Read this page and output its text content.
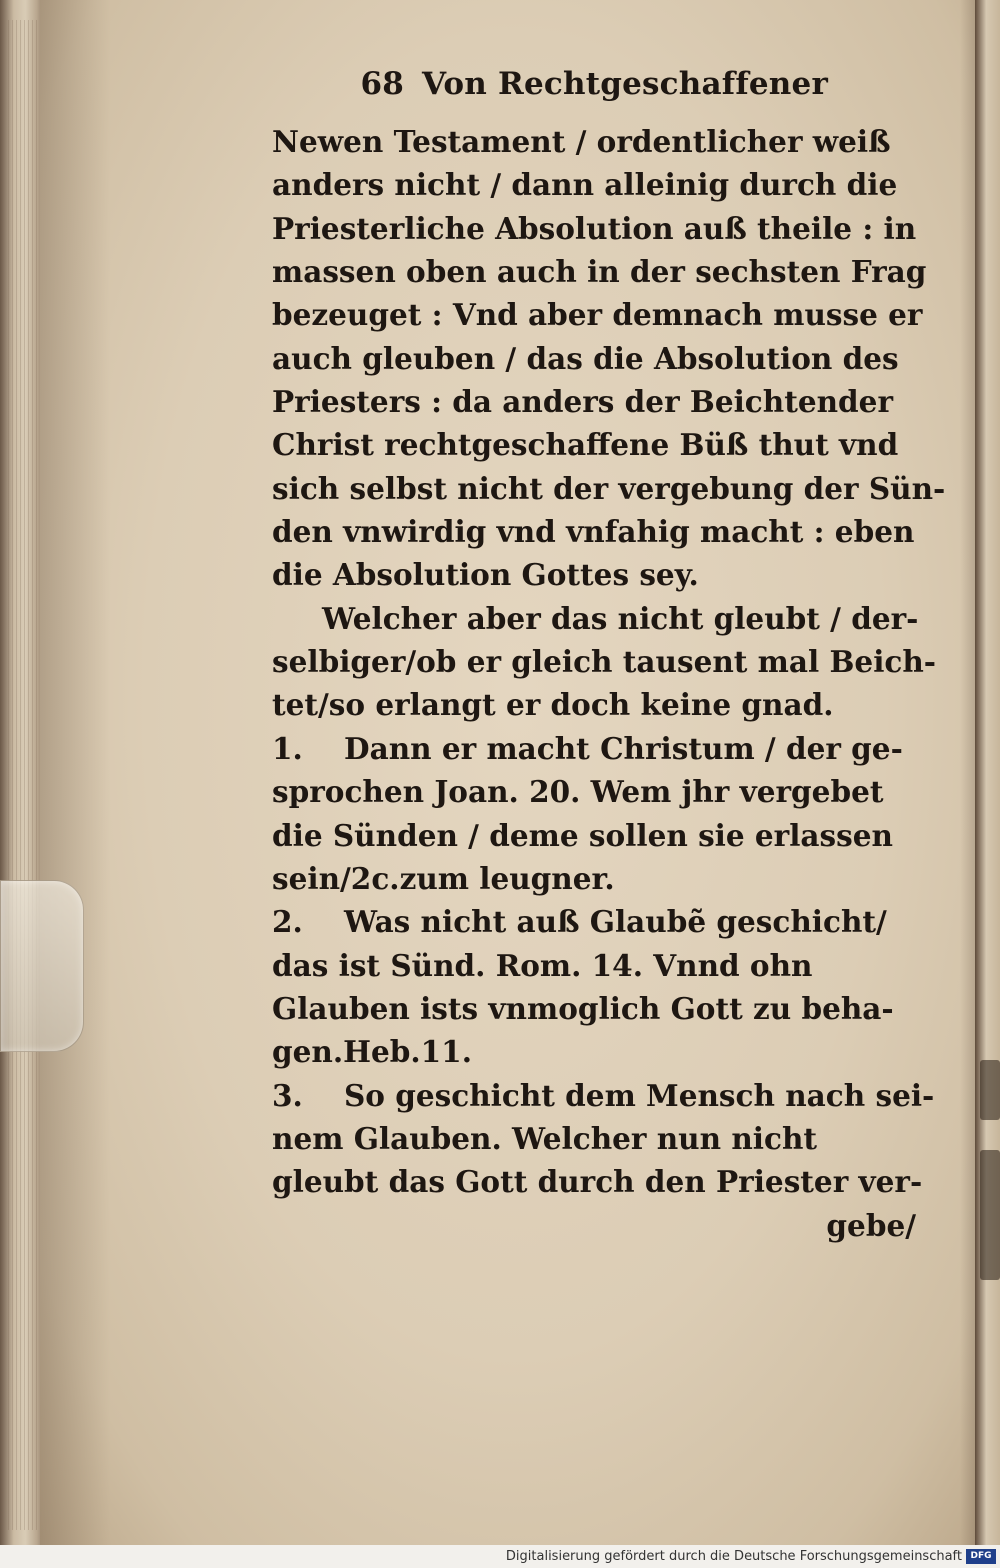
68 Von Rechtgeschaffener
Newen Testament / ordentlicher weiß
anders nicht / dann alleinig durch die
Priesterliche Absolution auß theile : in
massen oben auch in der sechsten Frag
bezeuget : Vnd aber demnach musse er
auch gleuben / das die Absolution des
Priesters : da anders der Beichtender
Christ rechtgeschaffene Büß thut vnd
sich selbst nicht der vergebung der Sün-
den vnwirdig vnd vnfahig macht : eben
die Absolution Gottes sey.
Welcher aber das nicht gleubt / der-
selbiger/ob er gleich tausent mal Beich-
tet/so erlangt er doch keine gnad.
1.	Dann er macht Christum / der ge-
sprochen Joan. 20. Wem jhr vergebet
die Sünden / deme sollen sie erlassen
sein/2c.zum leugner.
2.	Was nicht auß Glaubẽ geschicht/
das ist Sünd. Rom. 14. Vnnd ohn
Glauben ists vnmoglich Gott zu beha-
gen.Heb.11.
3.	So geschicht dem Mensch nach sei-
nem Glauben. Welcher nun nicht
gleubt das Gott durch den Priester ver-
gebe/
Digitalisierung gefördert durch die Deutsche Forschungsgemeinschaft DFG
